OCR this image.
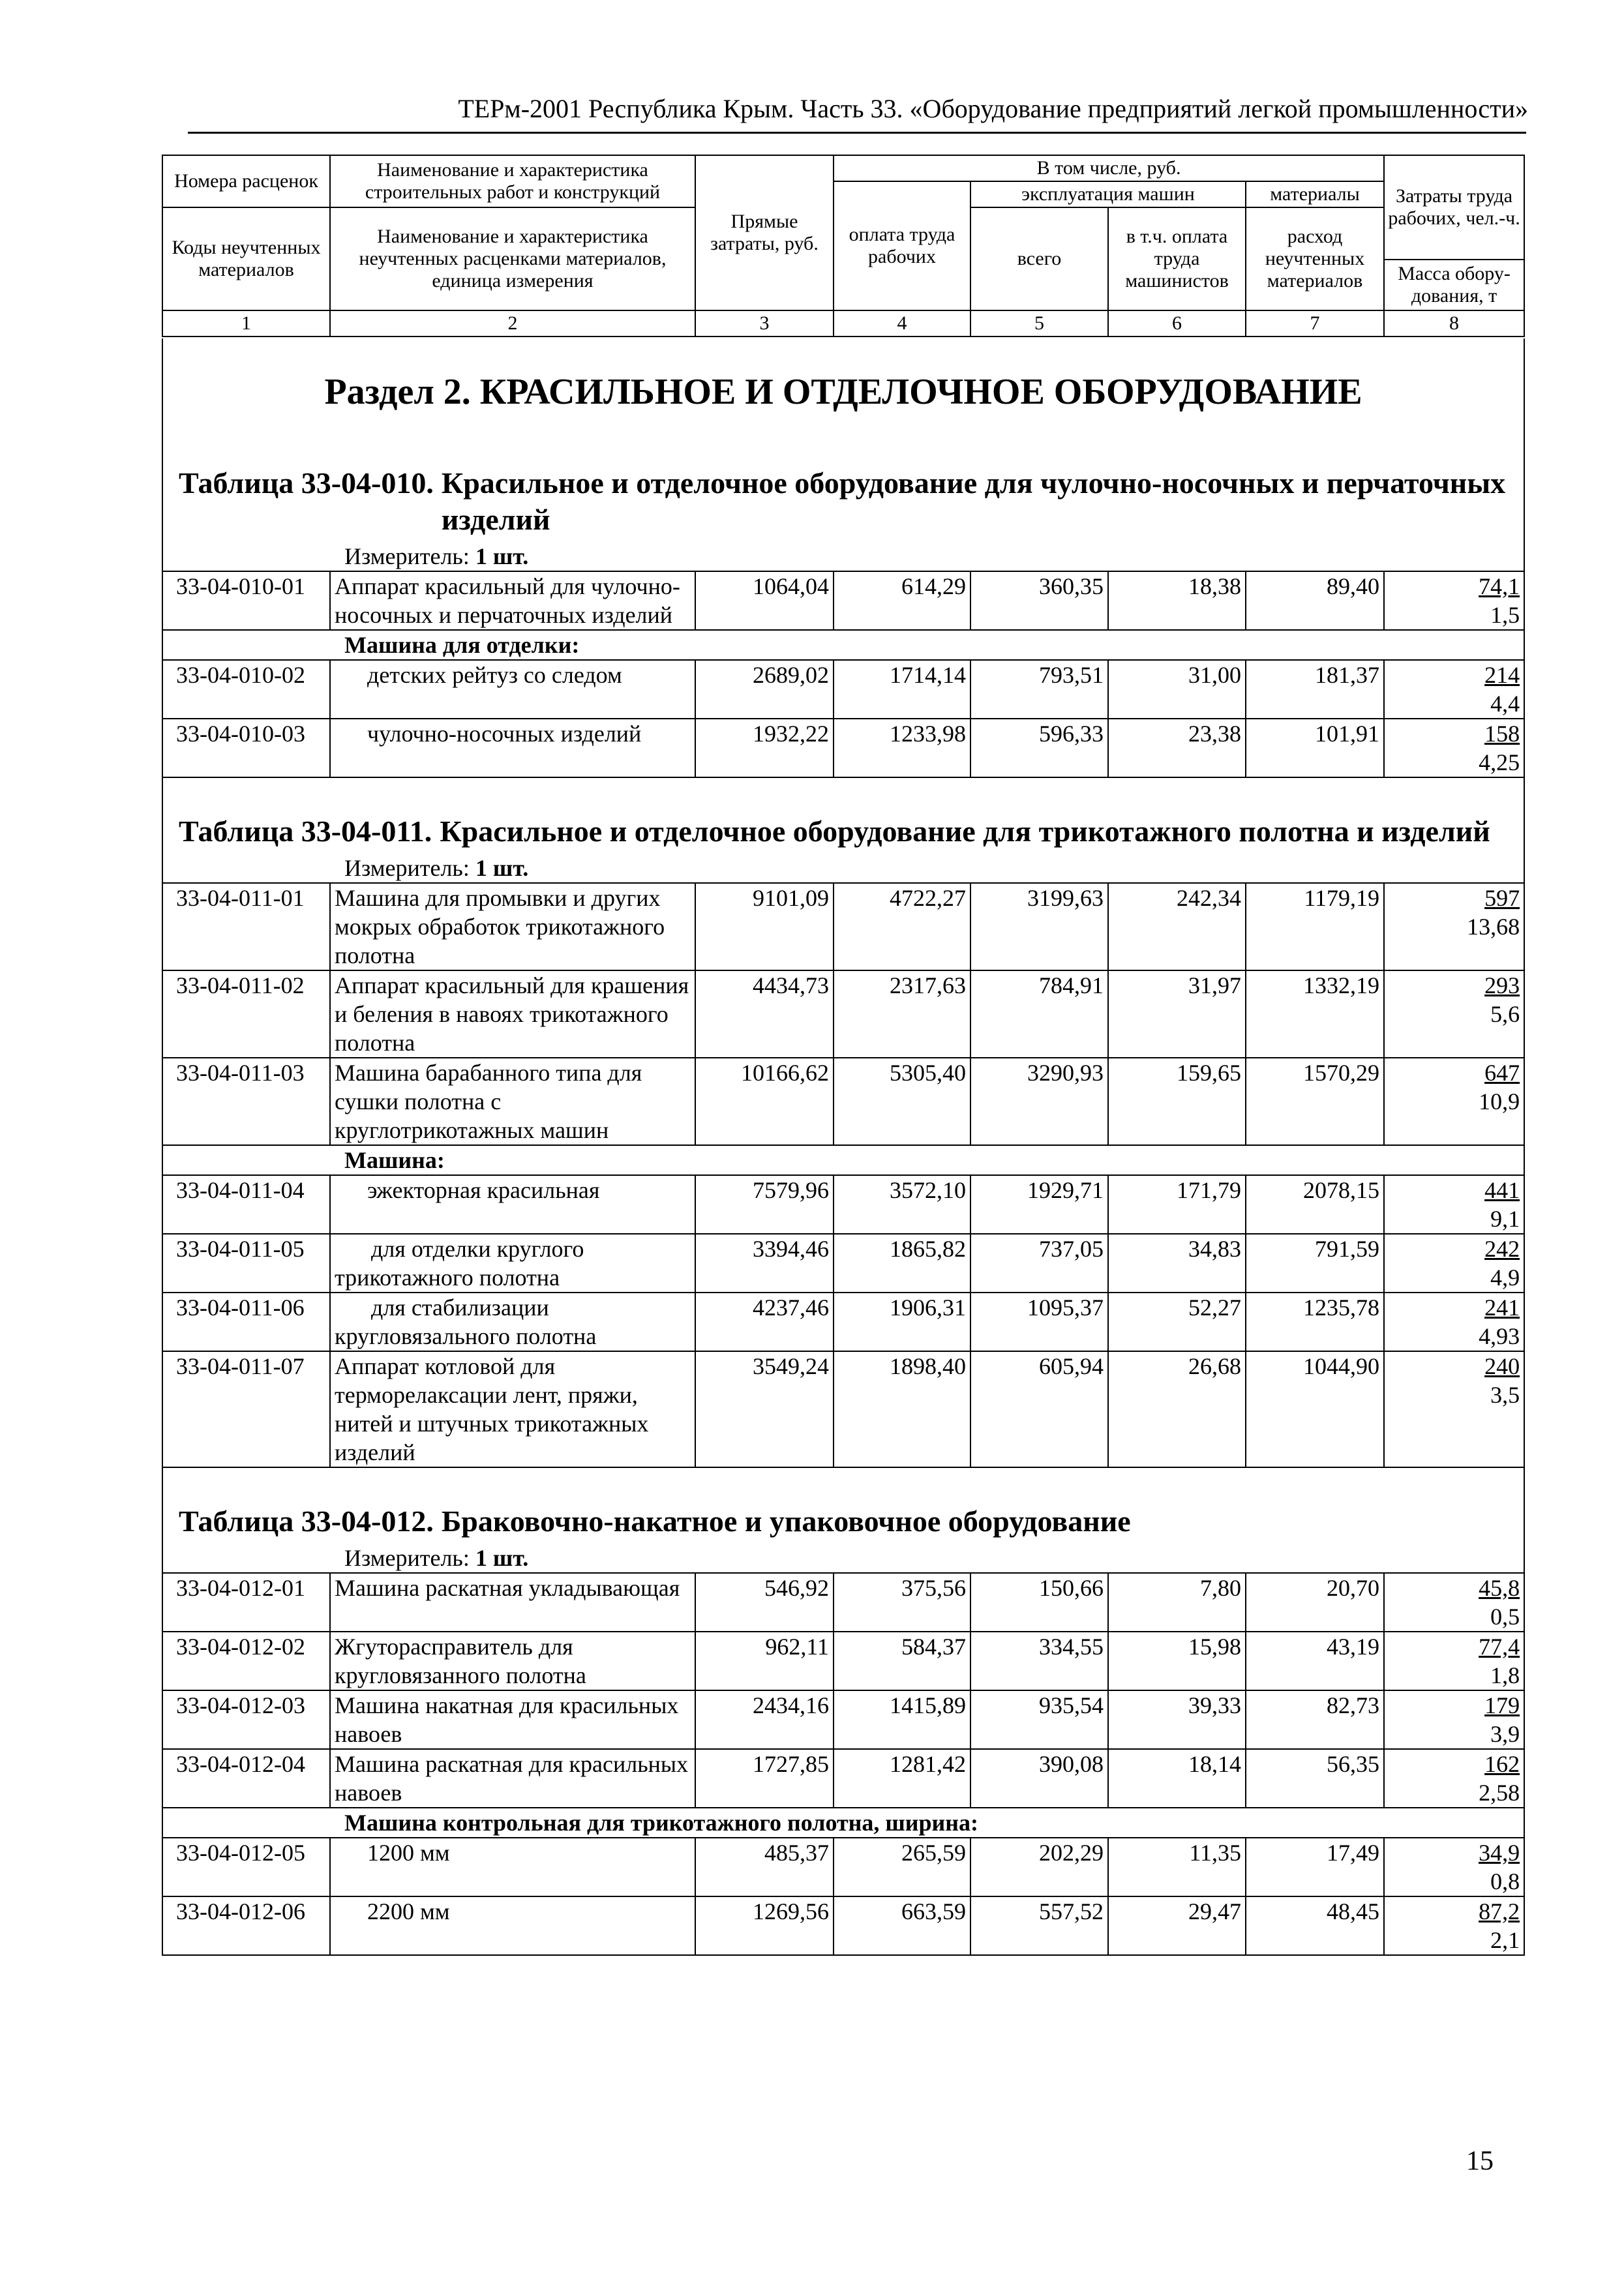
ТЕРм-2001 Республика Крым. Часть 33. «Оборудование предприятий легкой промышленности»
Номера расценок	Наименование и характеристика строительных работ и конструкций	Прямые затраты, руб.	В том числе, руб.				Затраты труда рабочих, чел.-ч.
			оплата труда рабочих	эксплуатация машин		материалы	
Коды неучтенных материалов	Наименование и характеристика неучтенных расценками материалов, единица измерения			всего	в т.ч. оплата труда машинистов	расход неучтенных материалов	
							Масса обору-дования, т
1	2	3	4	5	6	7	8
Раздел 2. КРАСИЛЬНОЕ И ОТДЕЛОЧНОЕ ОБОРУДОВАНИЕ							

Таблица 33-04-010. Красильное и отделочное оборудование для чулочно-носочных и перчаточных изделий							

Измеритель: 1 шт.							
33-04-010-01	Аппарат красильный для чулочно-носочных и перчаточных изделий	1064,04	614,29	360,35	18,38	89,40	74,1
1,5

Машина для отделки:							
33-04-010-02	детских рейтуз со следом	2689,02	1714,14	793,51	31,00	181,37	214
4,4

33-04-010-03	чулочно-носочных изделий	1932,22	1233,98	596,33	23,38	101,91	158
4,25

Таблица 33-04-011. Красильное и отделочное оборудование для трикотажного полотна и изделий							

Измеритель: 1 шт.							
33-04-011-01	Машина для промывки и других мокрых обработок трикотажного полотна	9101,09	4722,27	3199,63	242,34	1179,19	597
13,68

33-04-011-02	Аппарат красильный для крашения и беления в навоях трикотажного полотна	4434,73	2317,63	784,91	31,97	1332,19	293
5,6

33-04-011-03	Машина барабанного типа для сушки полотна с круглотрикотажных машин	10166,62	5305,40	3290,93	159,65	1570,29	647
10,9

Машина:							
33-04-011-04	эжекторная красильная	7579,96	3572,10	1929,71	171,79	2078,15	441
9,1

33-04-011-05	для отделки круглого трикотажного полотна	3394,46	1865,82	737,05	34,83	791,59	242
4,9

33-04-011-06	для стабилизации кругловязального полотна	4237,46	1906,31	1095,37	52,27	1235,78	241
4,93

33-04-011-07	Аппарат котловой для терморелаксации лент, пряжи, нитей и штучных трикотажных изделий	3549,24	1898,40	605,94	26,68	1044,90	240
3,5

Таблица 33-04-012. Браковочно-накатное и упаковочное оборудование							

Измеритель: 1 шт.							
33-04-012-01	Машина раскатная укладывающая	546,92	375,56	150,66	7,80	20,70	45,8
0,5

33-04-012-02	Жгутораспрaвитель для кругловязанного полотна	962,11	584,37	334,55	15,98	43,19	77,4
1,8

33-04-012-03	Машина накатная для красильных навоев	2434,16	1415,89	935,54	39,33	82,73	179
3,9

33-04-012-04	Машина раскатная для красильных навоев	1727,85	1281,42	390,08	18,14	56,35	162
2,58

Машина контрольная для трикотажного полотна, ширина:							
33-04-012-05	1200 мм	485,37	265,59	202,29	11,35	17,49	34,9
0,8

33-04-012-06	2200 мм	1269,56	663,59	557,52	29,47	48,45	87,2
2,1
15
